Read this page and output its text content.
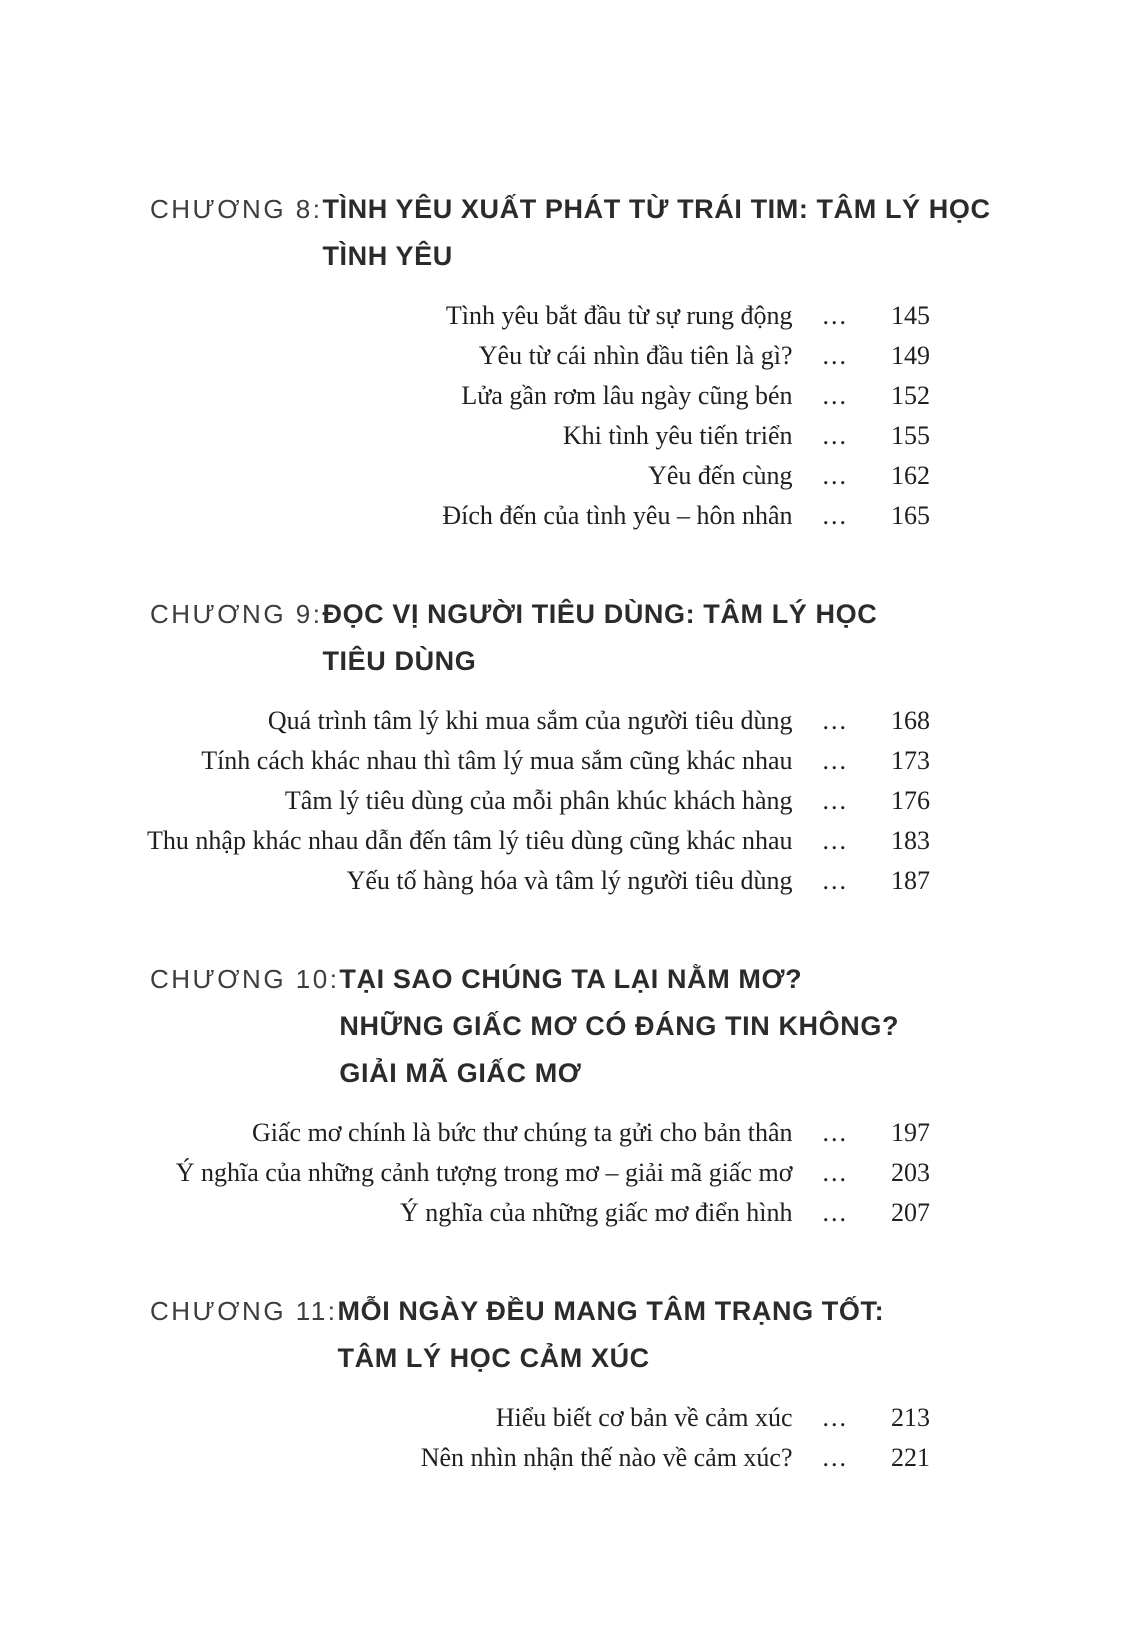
CHƯƠNG 8: TÌNH YÊU XUẤT PHÁT TỪ TRÁI TIM: TÂM LÝ HỌC
TÌNH YÊU
Tình yêu bắt đầu từ sự rung động ...	145
Yêu từ cái nhìn đầu tiên là gì? ...	149
Lửa gần rơm lâu ngày cũng bén ...	152
Khi tình yêu tiến triển ...	155
Yêu đến cùng ...	162
Đích đến của tình yêu – hôn nhân ...	165
CHƯƠNG 9: ĐỌC VỊ NGƯỜI TIÊU DÙNG: TÂM LÝ HỌC
TIÊU DÙNG
Quá trình tâm lý khi mua sắm của người tiêu dùng ...	168
Tính cách khác nhau thì tâm lý mua sắm cũng khác nhau ...	173
Tâm lý tiêu dùng của mỗi phân khúc khách hàng ...	176
Thu nhập khác nhau dẫn đến tâm lý tiêu dùng cũng khác nhau ...	183
Yếu tố hàng hóa và tâm lý người tiêu dùng ...	187
CHƯƠNG 10: TẠI SAO CHÚNG TA LẠI NẰM MƠ?
NHỮNG GIẤC MƠ CÓ ĐÁNG TIN KHÔNG?
GIẢI MÃ GIẤC MƠ
Giấc mơ chính là bức thư chúng ta gửi cho bản thân ...	197
Ý nghĩa của những cảnh tượng trong mơ – giải mã giấc mơ ...	203
Ý nghĩa của những giấc mơ điển hình ...	207
CHƯƠNG 11: MỖI NGÀY ĐỀU MANG TÂM TRẠNG TỐT:
TÂM LÝ HỌC CẢM XÚC
Hiểu biết cơ bản về cảm xúc ...	213
Nên nhìn nhận thế nào về cảm xúc? ...	221
